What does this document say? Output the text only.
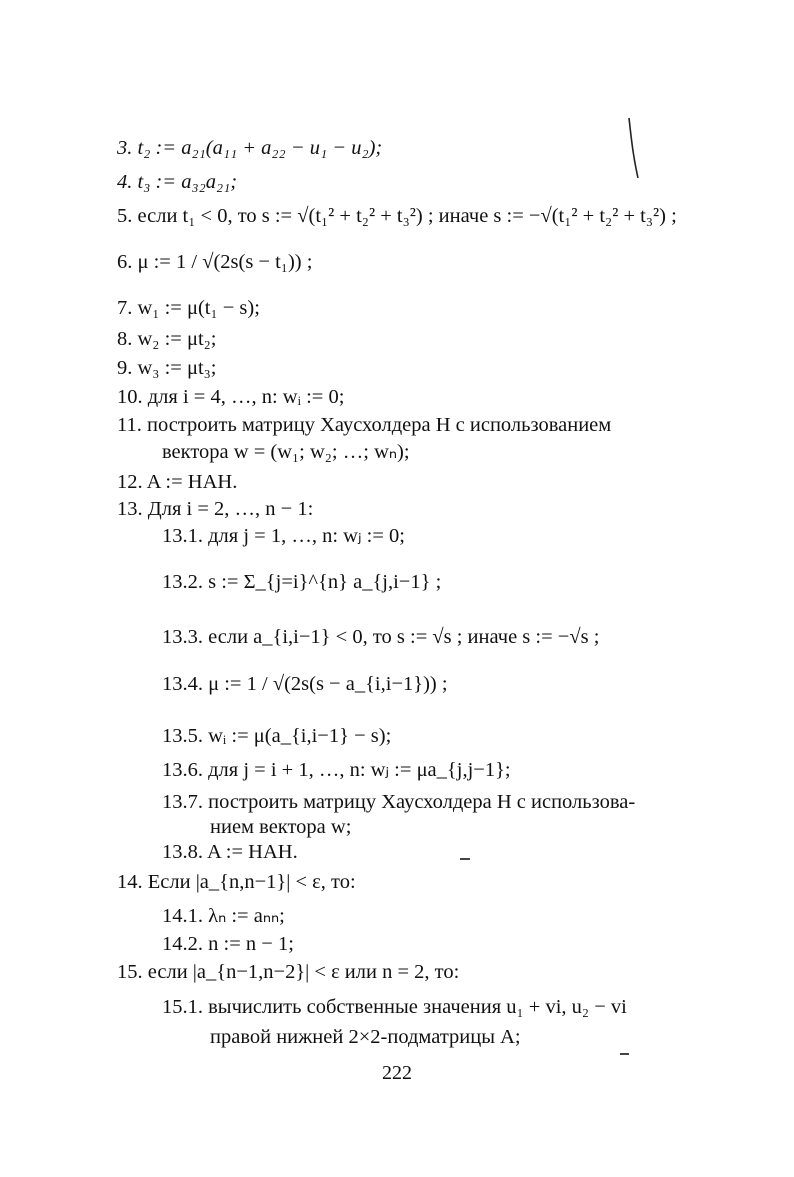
3. t₂ := a₂₁(a₁₁ + a₂₂ − u₁ − u₂);
4. t₃ := a₃₂a₂₁;
5. если t₁ < 0, то s := √(t₁² + t₂² + t₃²) ; иначе s := −√(t₁² + t₂² + t₃²) ;
6. μ := 1 / √(2s(s − t₁)) ;
7. w₁ := μ(t₁ − s);
8. w₂ := μt₂;
9. w₃ := μt₃;
10. для i = 4, …, n: wᵢ := 0;
11. построить матрицу Хаусхолдера H с использованием
вектора w = (w₁; w₂; …; wₙ);
12. A := HAH.
13. Для i = 2, …, n − 1:
13.1. для j = 1, …, n: wⱼ := 0;
13.2. s := Σ_{j=i}^{n} a_{j,i−1} ;
13.3. если a_{i,i−1} < 0, то s := √s ; иначе s := −√s ;
13.4. μ := 1 / √(2s(s − a_{i,i−1})) ;
13.5. wᵢ := μ(a_{i,i−1} − s);
13.6. для j = i + 1, …, n: wⱼ := μa_{j,j−1};
13.7. построить матрицу Хаусхолдера H с использова-
нием вектора w;
13.8. A := HAH.
14. Если |a_{n,n−1}| < ε, то:
14.1. λₙ := aₙₙ;
14.2. n := n − 1;
15. если |a_{n−1,n−2}| < ε или n = 2, то:
15.1. вычислить собственные значения u₁ + vi, u₂ − vi
правой нижней 2×2-подматрицы A;
222
